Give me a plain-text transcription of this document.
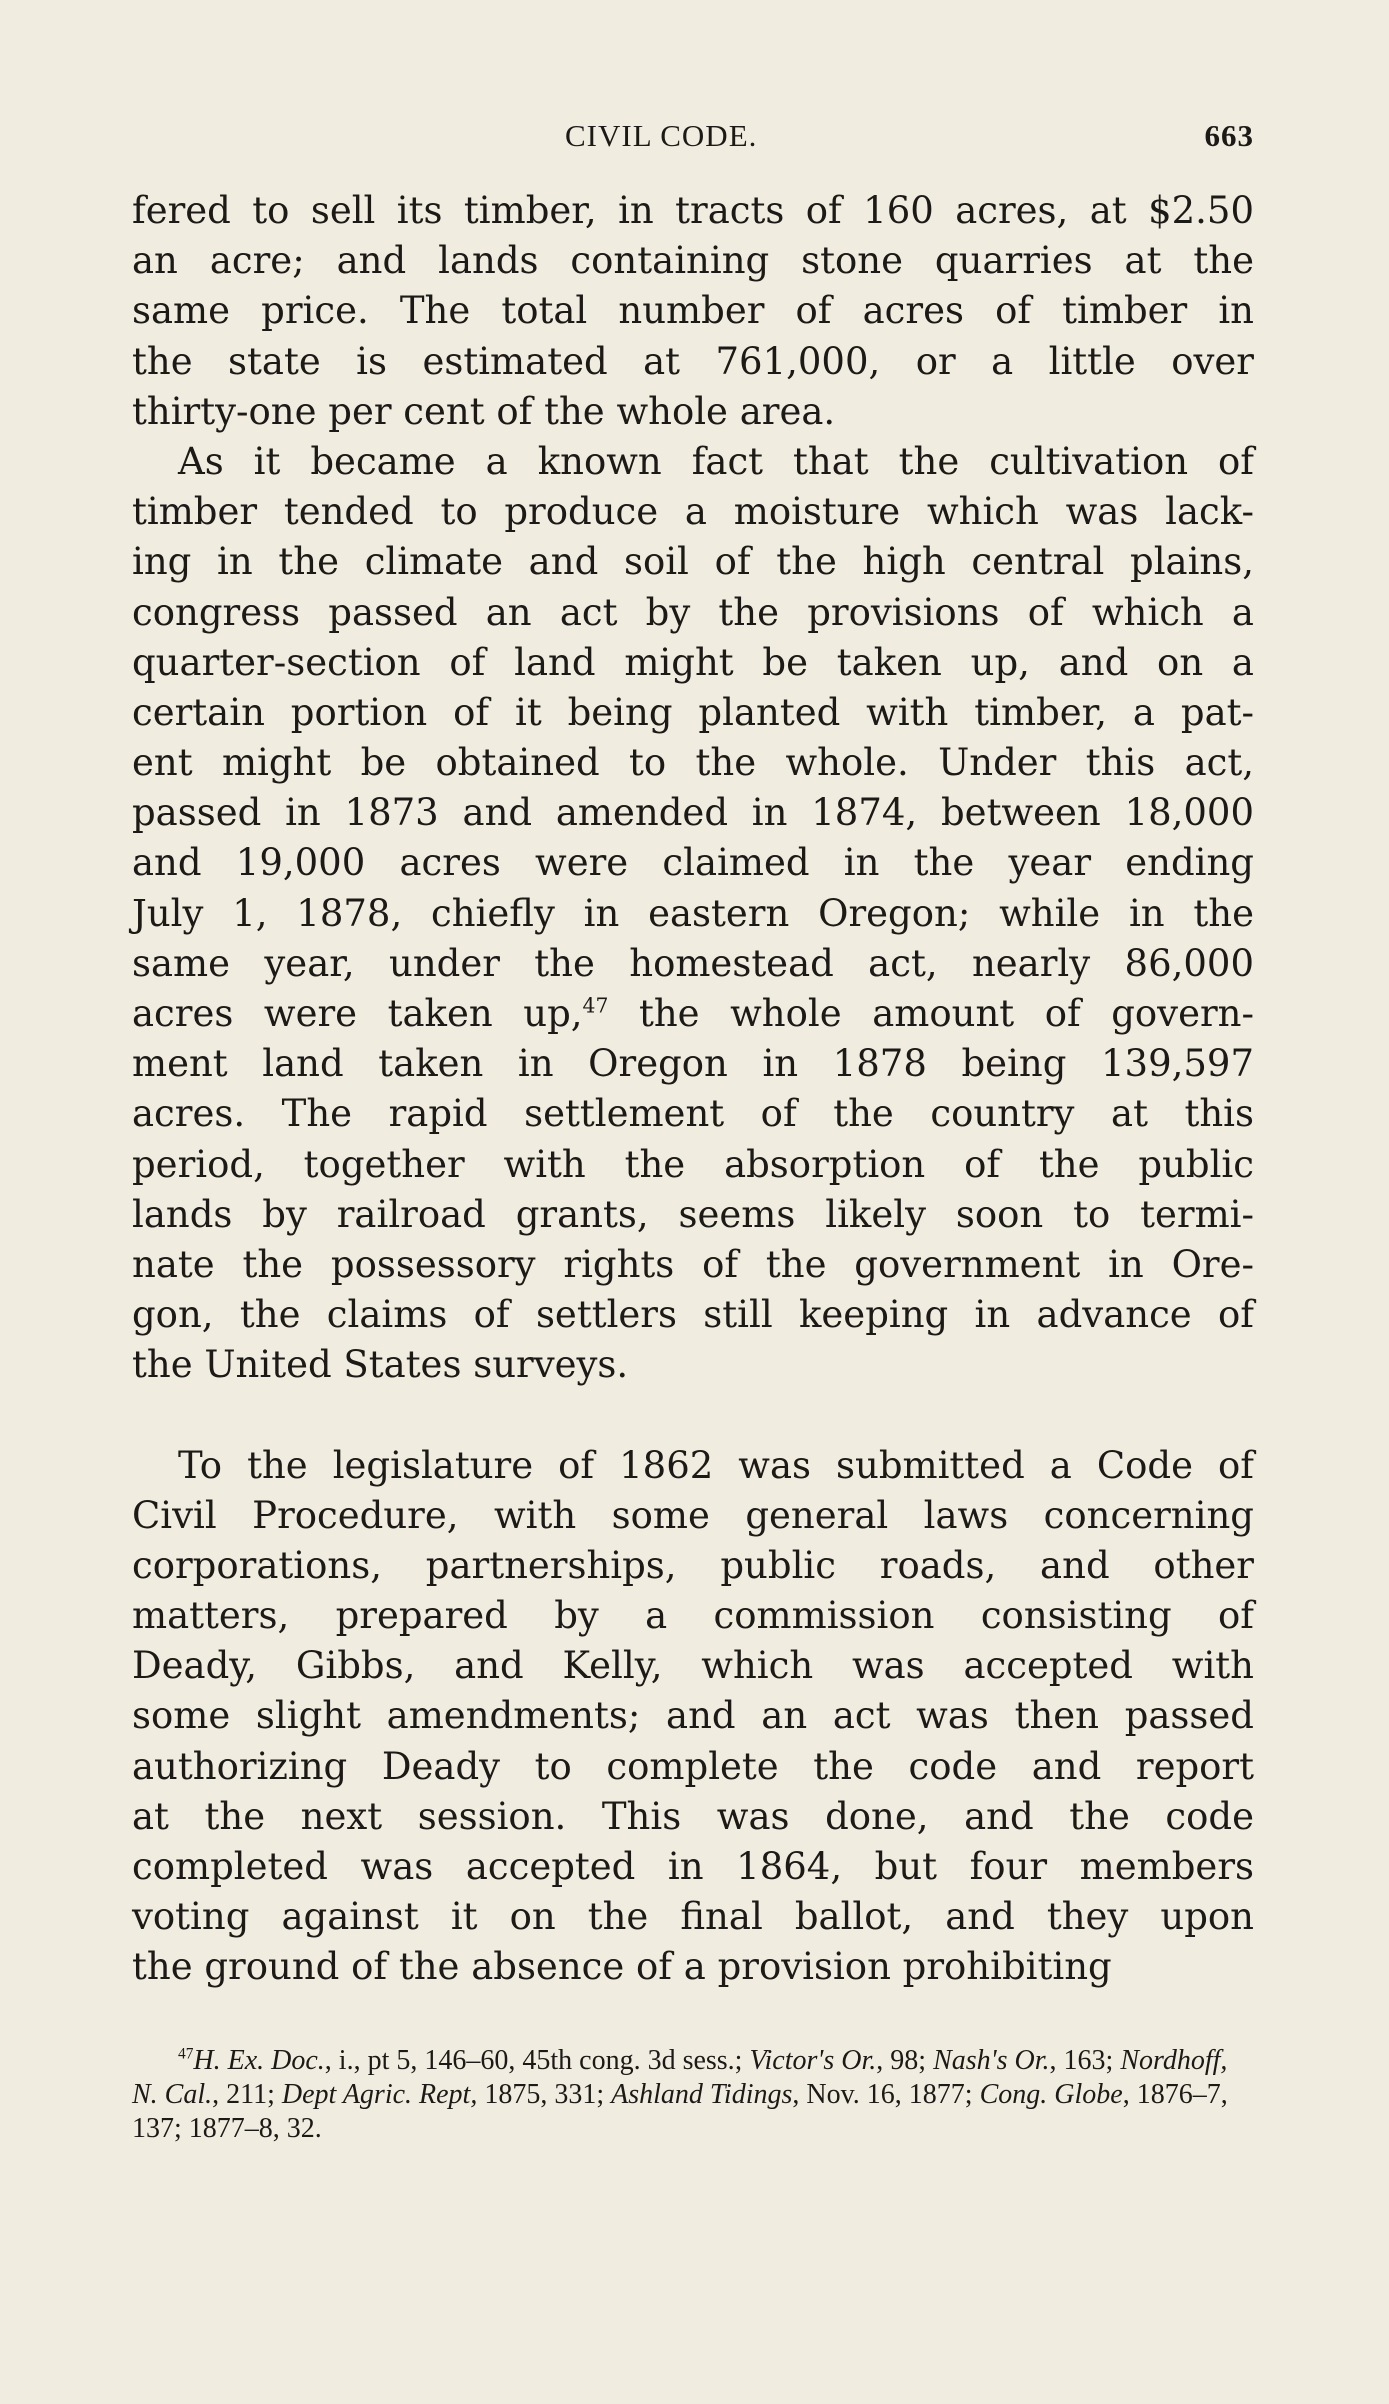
CIVIL CODE.	663
fered to sell its timber, in tracts of 160 acres, at $2.50
an acre; and lands containing stone quarries at the
same price. The total number of acres of timber in
the state is estimated at 761,000, or a little over
thirty-one per cent of the whole area.
As it became a known fact that the cultivation of
timber tended to produce a moisture which was lack-
ing in the climate and soil of the high central plains,
congress passed an act by the provisions of which a
quarter-section of land might be taken up, and on a
certain portion of it being planted with timber, a pat-
ent might be obtained to the whole. Under this act,
passed in 1873 and amended in 1874, between 18,000
and 19,000 acres were claimed in the year ending
July 1, 1878, chiefly in eastern Oregon; while in the
same year, under the homestead act, nearly 86,000
acres were taken up,$^{47}$ the whole amount of govern-
ment land taken in Oregon in 1878 being 139,597
acres. The rapid settlement of the country at this
period, together with the absorption of the public
lands by railroad grants, seems likely soon to termi-
nate the possessory rights of the government in Ore-
gon, the claims of settlers still keeping in advance of
the United States surveys.
To the legislature of 1862 was submitted a Code of
Civil Procedure, with some general laws concerning
corporations, partnerships, public roads, and other
matters, prepared by a commission consisting of
Deady, Gibbs, and Kelly, which was accepted with
some slight amendments; and an act was then passed
authorizing Deady to complete the code and report
at the next session. This was done, and the code
completed was accepted in 1864, but four members
voting against it on the final ballot, and they upon
the ground of the absence of a provision prohibiting
$^{47}$H. Ex. Doc., i., pt 5, 146–60, 45th cong. 3d sess.; Victor's Or., 98; Nash's Or., 163; Nordhoff, N. Cal., 211; Dept Agric. Rept, 1875, 331; Ashland Tidings, Nov. 16, 1877; Cong. Globe, 1876–7, 137; 1877–8, 32.
